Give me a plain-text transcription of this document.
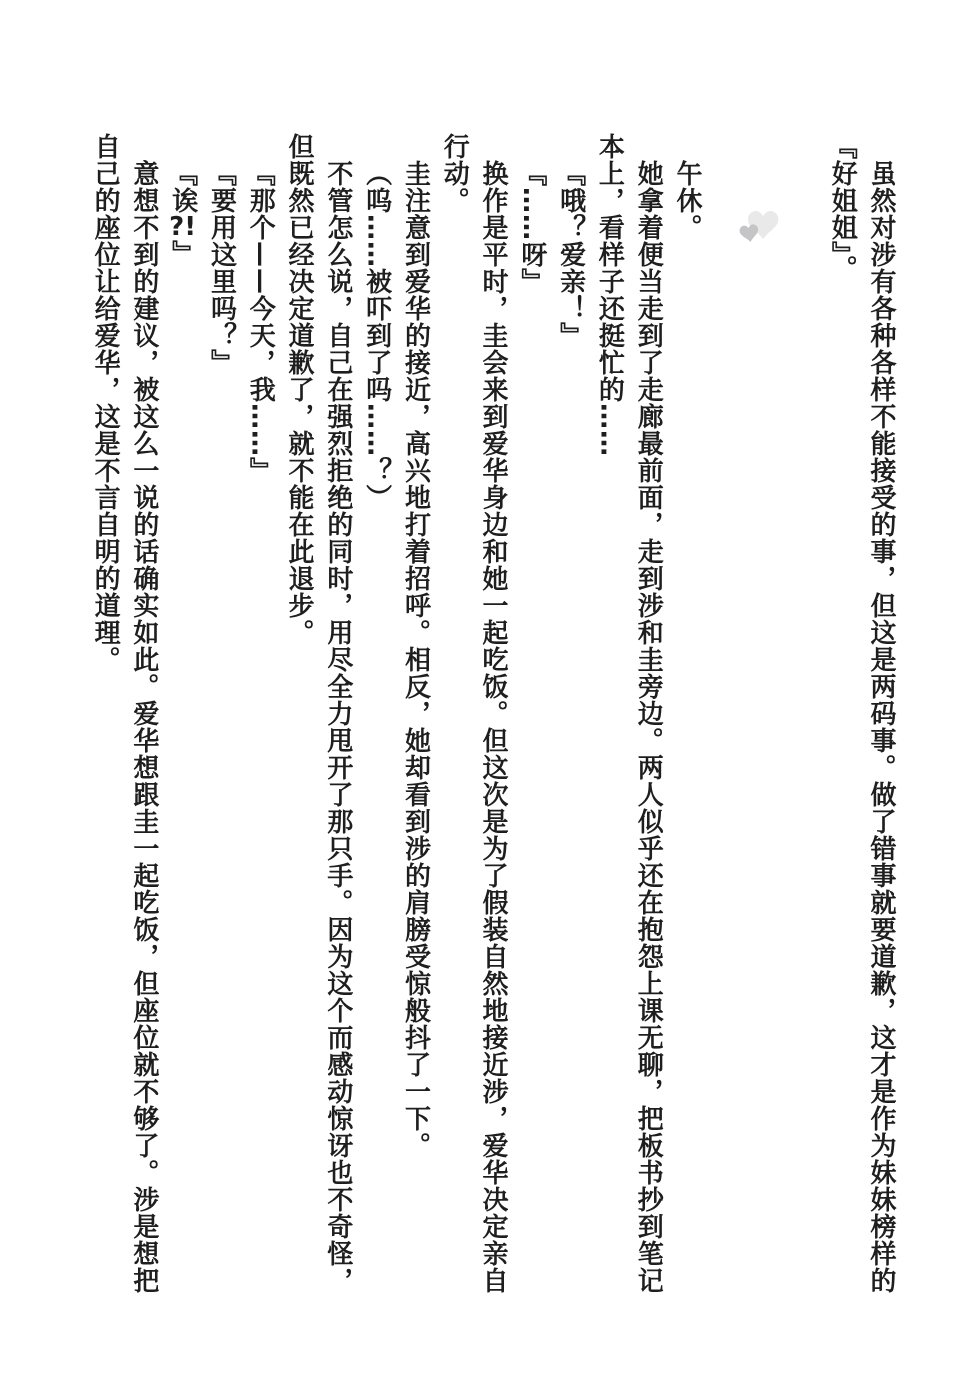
虽然对涉有各种各样不能接受的事，但这是两码事。做了错事就要道歉，这才是作为妹妹榜样的『好姐姐』。

午休。

她拿着便当走到了走廊最前面，走到涉和圭旁边。两人似乎还在抱怨上课无聊，把板书抄到笔记本上，看样子还挺忙的……

『哦？爱亲！』

『……呀』

换作是平时，圭会来到爱华身边和她一起吃饭。但这次是为了假装自然地接近涉，爱华决定亲自行动。

圭注意到爱华的接近，高兴地打着招呼。相反，她却看到涉的肩膀受惊般抖了一下。

（呜……被吓到了吗……？）

不管怎么说，自己在强烈拒绝的同时，用尽全力甩开了那只手。因为这个而感动惊讶也不奇怪，但既然已经决定道歉了，就不能在此退步。

『那个——今天，我……』

『要用这里吗？』

『诶?!』

意想不到的建议，被这么一说的话确实如此。爱华想跟圭一起吃饭，但座位就不够了。涉是想把自己的座位让给爱华，这是不言自明的道理。
